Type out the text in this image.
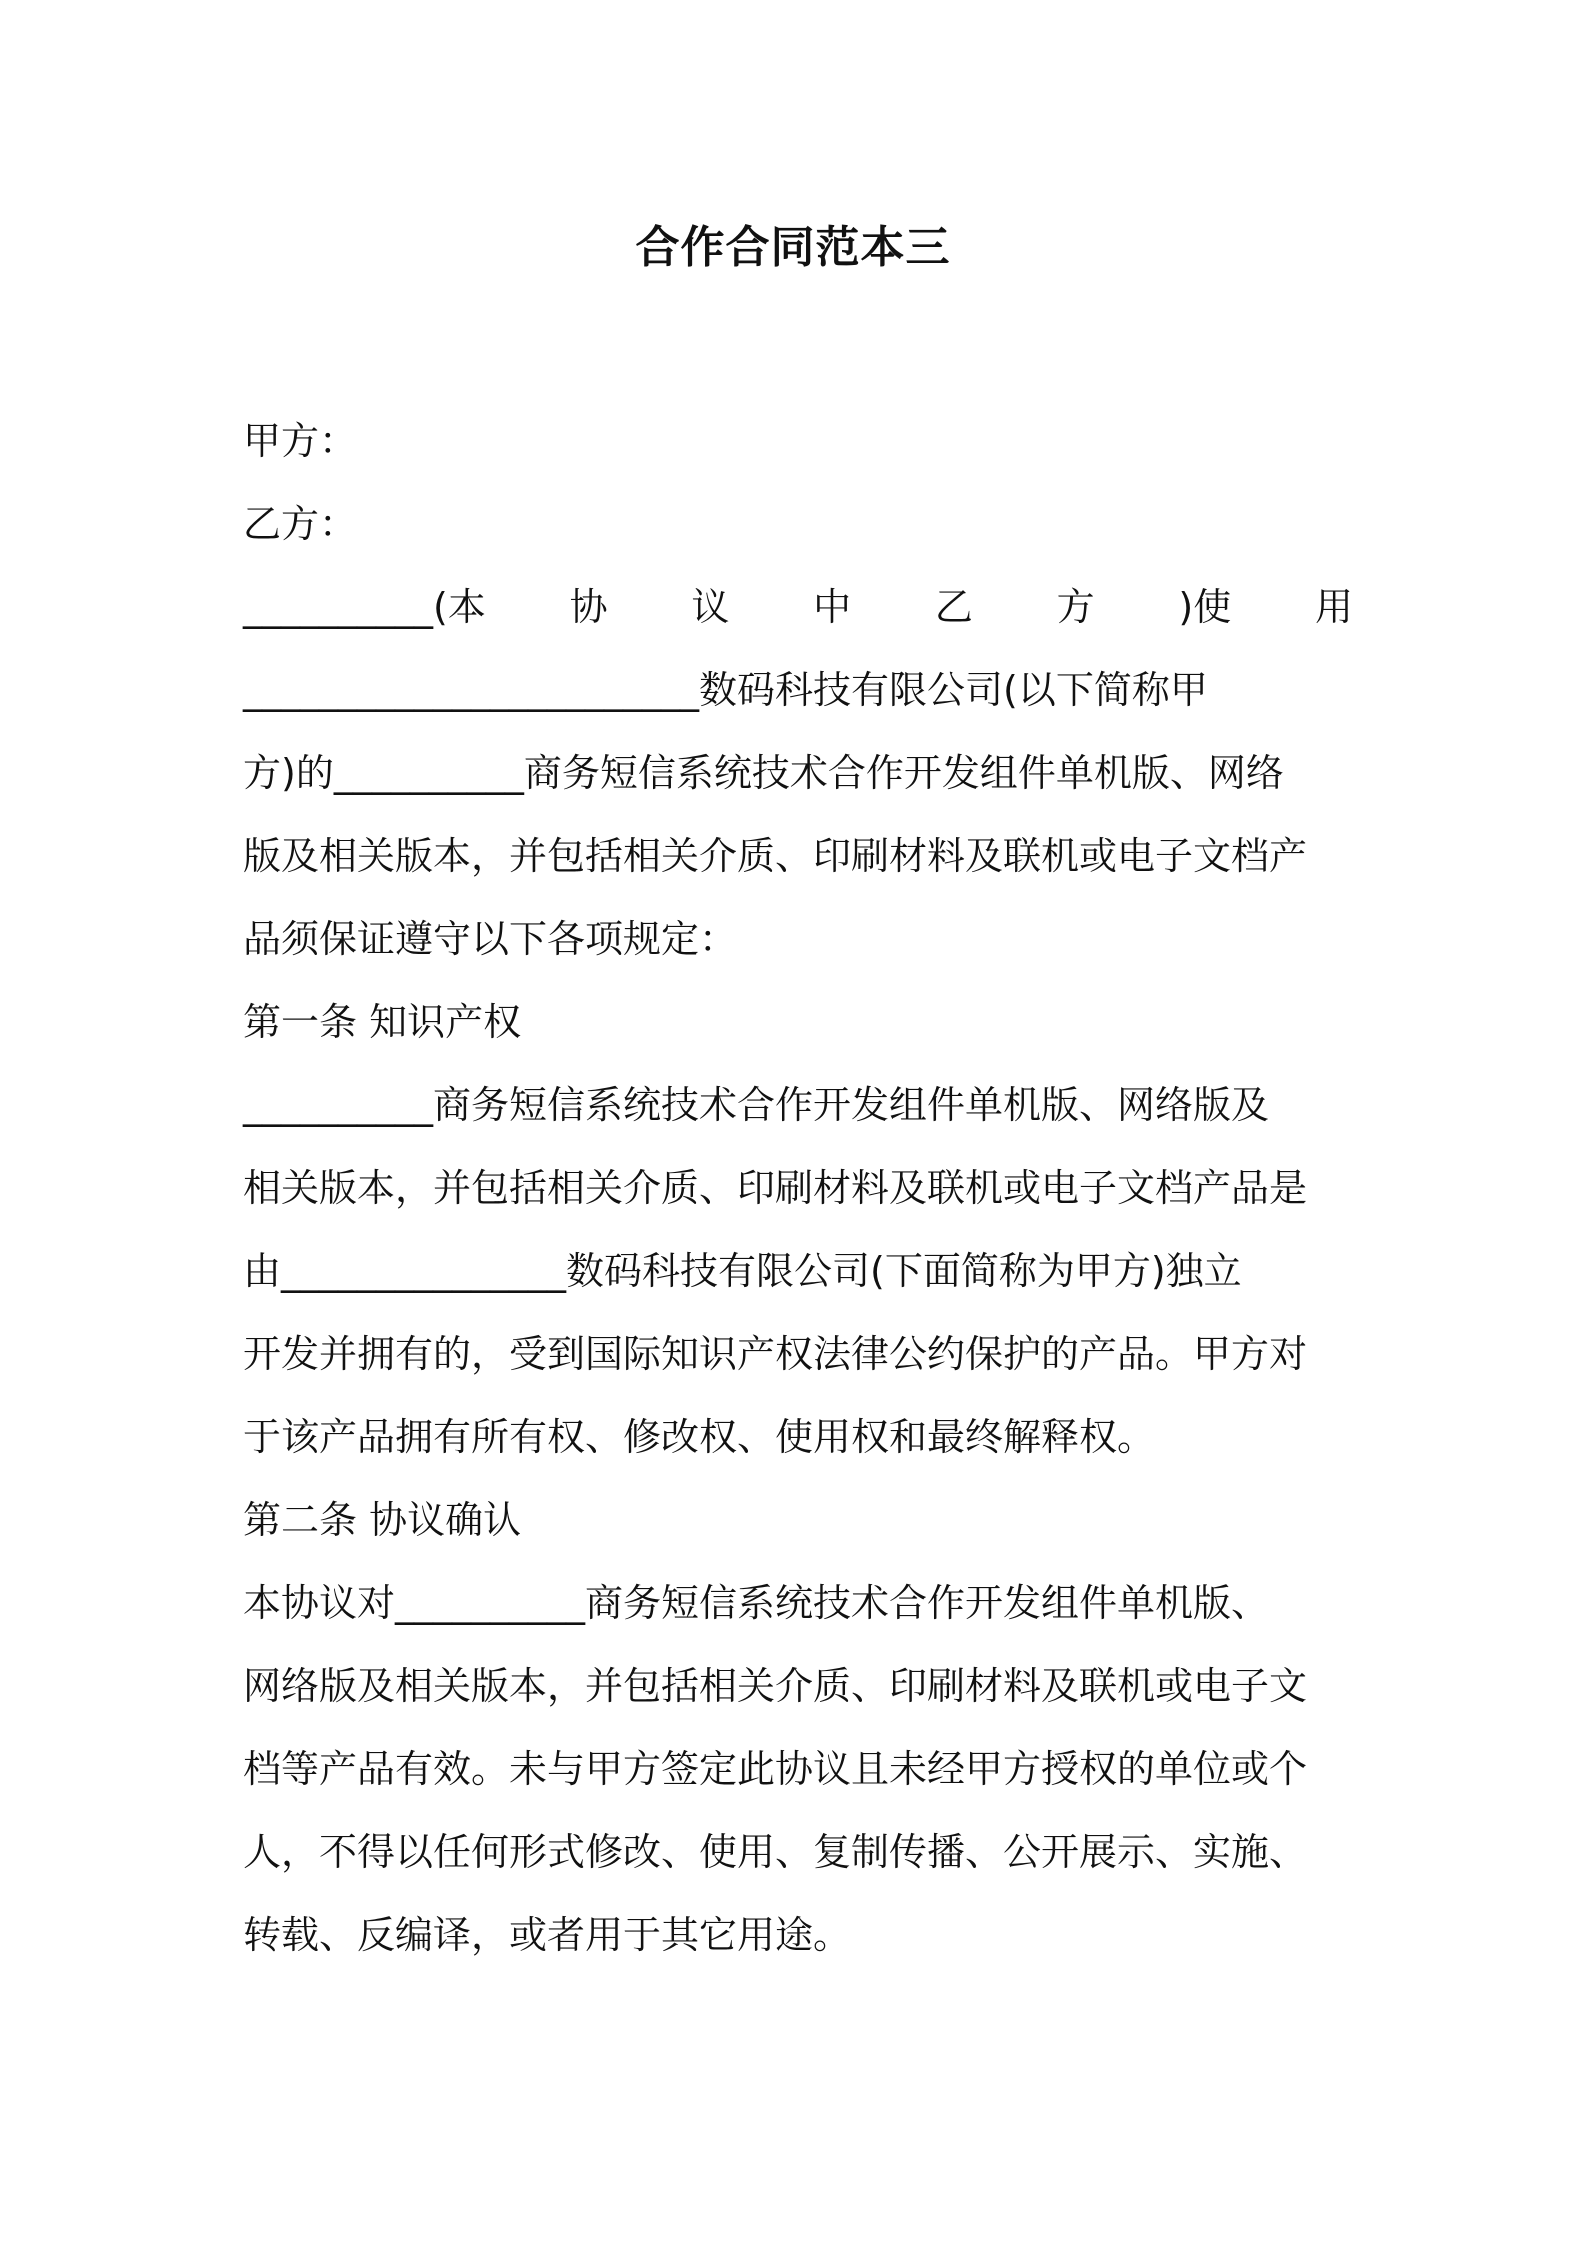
合作合同范本三
甲方：
乙方：
__________(本 协 议 中 乙 方 )使 用
________________________数码科技有限公司(以下简称甲
方)的__________商务短信系统技术合作开发组件单机版、网络
版及相关版本，并包括相关介质、印刷材料及联机或电子文档产
品须保证遵守以下各项规定：
第一条 知识产权
__________商务短信系统技术合作开发组件单机版、网络版及
相关版本，并包括相关介质、印刷材料及联机或电子文档产品是
由_______________数码科技有限公司(下面简称为甲方)独立
开发并拥有的，受到国际知识产权法律公约保护的产品。甲方对
于该产品拥有所有权、修改权、使用权和最终解释权。
第二条 协议确认
本协议对__________商务短信系统技术合作开发组件单机版、
网络版及相关版本，并包括相关介质、印刷材料及联机或电子文
档等产品有效。未与甲方签定此协议且未经甲方授权的单位或个
人，不得以任何形式修改、使用、复制传播、公开展示、实施、
转载、反编译，或者用于其它用途。
